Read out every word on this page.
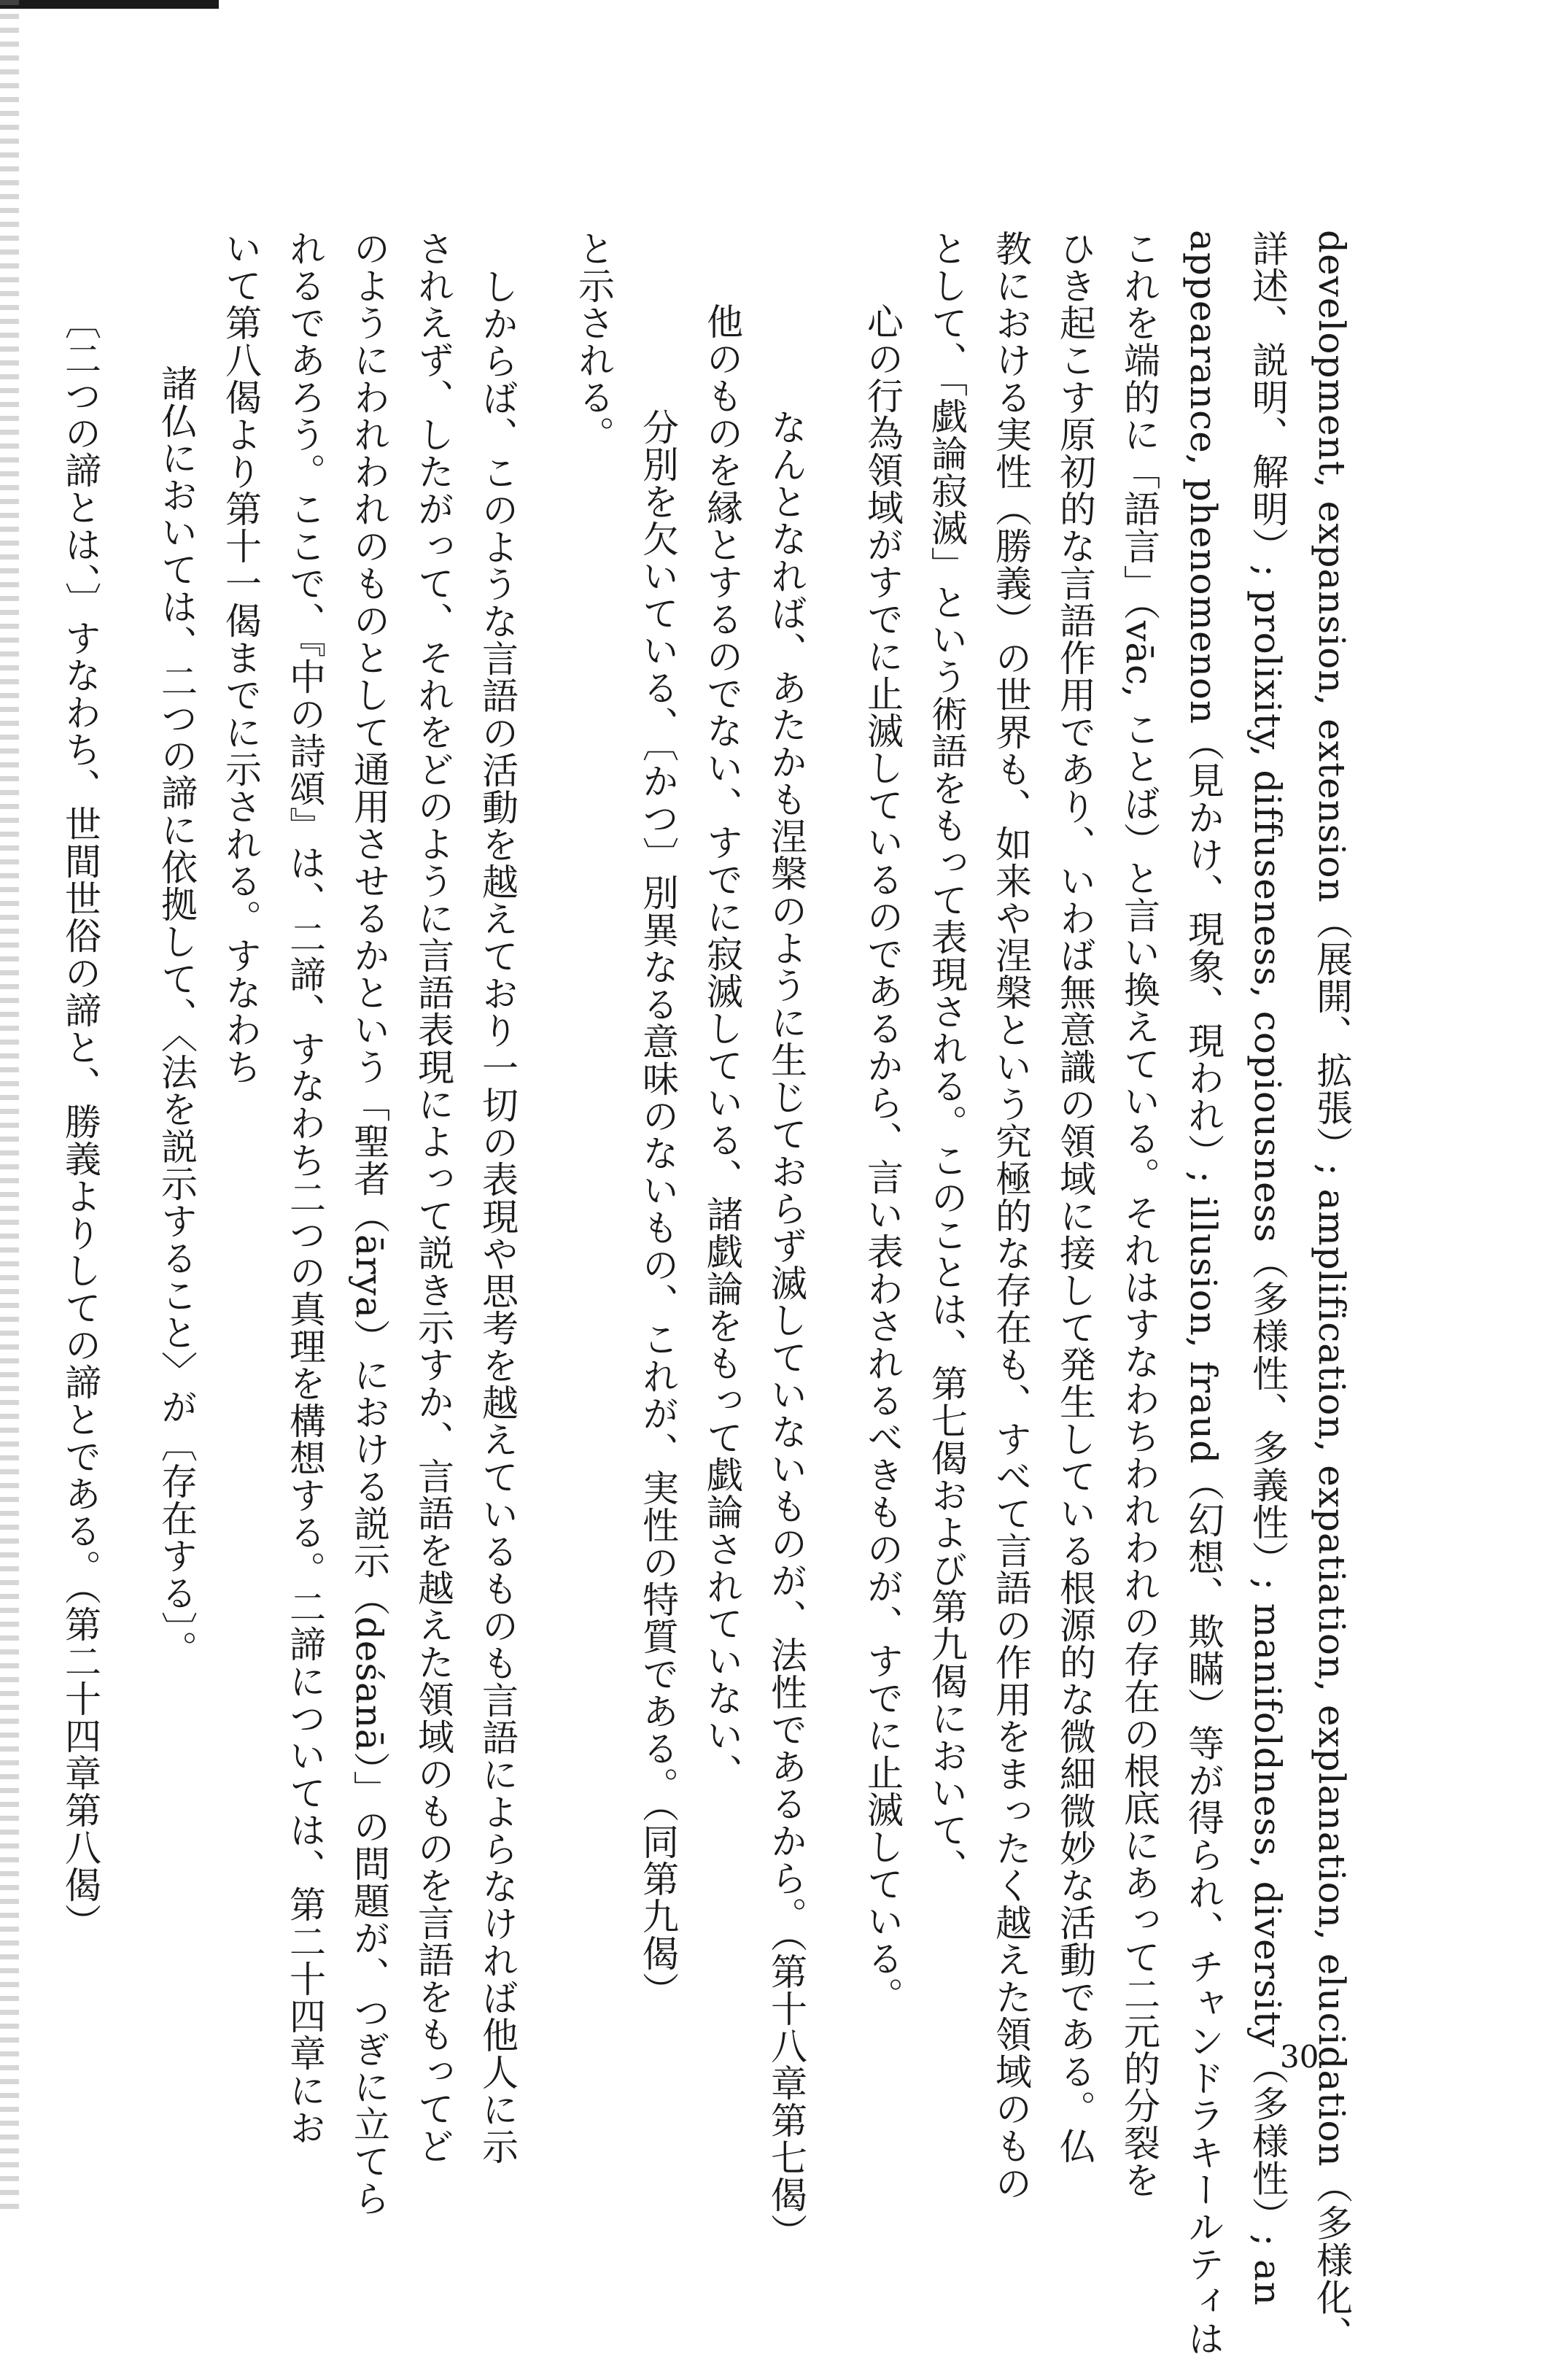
development, expansion, extension（展開、拡張）; amplification, expatiation, explanation, elucidation（多様化、
詳述、説明、解明）; prolixity, diffuseness, copiousness（多様性、多義性）; manifoldness, diversity（多様性）; an
appearance, phenomenon（見かけ、現象、現われ）; illusion, fraud（幻想、欺瞞）等が得られ、チャンドラキールティは
これを端的に「語言」（vāc, ことば）と言い換えている。それはすなわちわれわれの存在の根底にあって二元的分裂を
ひき起こす原初的な言語作用であり、いわば無意識の領域に接して発生している根源的な微細微妙な活動である。仏
教における実性（勝義）の世界も、如来や涅槃という究極的な存在も、すべて言語の作用をまったく越えた領域のもの
として、「戯論寂滅」という術語をもって表現される。このことは、第七偈および第九偈において、
心の行為領域がすでに止滅しているのであるから、言い表わされるべきものが、すでに止滅している。
なんとなれば、あたかも涅槃のように生じておらず滅していないものが、法性であるから。（第十八章第七偈）
他のものを縁とするのでない、すでに寂滅している、諸戯論をもって戯論されていない、
分別を欠いている、〔かつ〕別異なる意味のないもの、これが、実性の特質である。（同第九偈）
と示される。
しからば、このような言語の活動を越えており一切の表現や思考を越えているものも言語によらなければ他人に示
されえず、したがって、それをどのように言語表現によって説き示すか、言語を越えた領域のものを言語をもってど
のようにわれわれのものとして通用させるかという「聖者（ārya）における説示（deśanā）」の問題が、つぎに立てら
れるであろう。ここで、『中の詩頌』は、二諦、すなわち二つの真理を構想する。二諦については、第二十四章にお
いて第八偈より第十一偈までに示される。すなわち
諸仏においては、二つの諦に依拠して、〈法を説示すること〉が〔存在する〕。
〔二つの諦とは、〕すなわち、世間世俗の諦と、勝義よりしての諦とである。（第二十四章第八偈）
30
